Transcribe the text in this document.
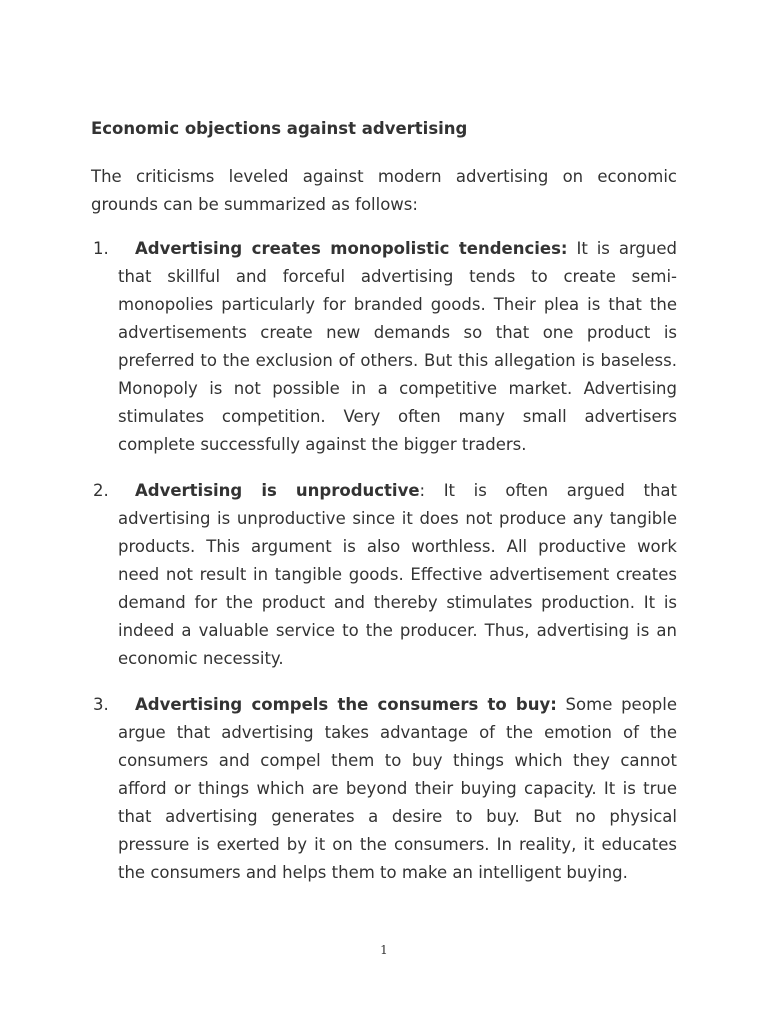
Economic objections against advertising

The criticisms leveled against modern advertising on economic grounds can be summarized as follows:

1.	Advertising creates monopolistic tendencies: It is argued that skillful and forceful advertising tends to create semi-monopolies particularly for branded goods. Their plea is that the advertisements create new demands so that one product is preferred to the exclusion of others. But this allegation is baseless. Monopoly is not possible in a competitive market. Advertising stimulates competition. Very often many small advertisers complete successfully against the bigger traders.
2.	Advertising is unproductive: It is often argued that advertising is unproductive since it does not produce any tangible products. This argument is also worthless. All productive work need not result in tangible goods. Effective advertisement creates demand for the product and thereby stimulates production. It is indeed a valuable service to the producer. Thus, advertising is an economic necessity.
3.	Advertising compels the consumers to buy: Some people argue that advertising takes advantage of the emotion of the consumers and compel them to buy things which they cannot afford or things which are beyond their buying capacity. It is true that advertising generates a desire to buy. But no physical pressure is exerted by it on the consumers. In reality, it educates the consumers and helps them to make an intelligent buying.
1
